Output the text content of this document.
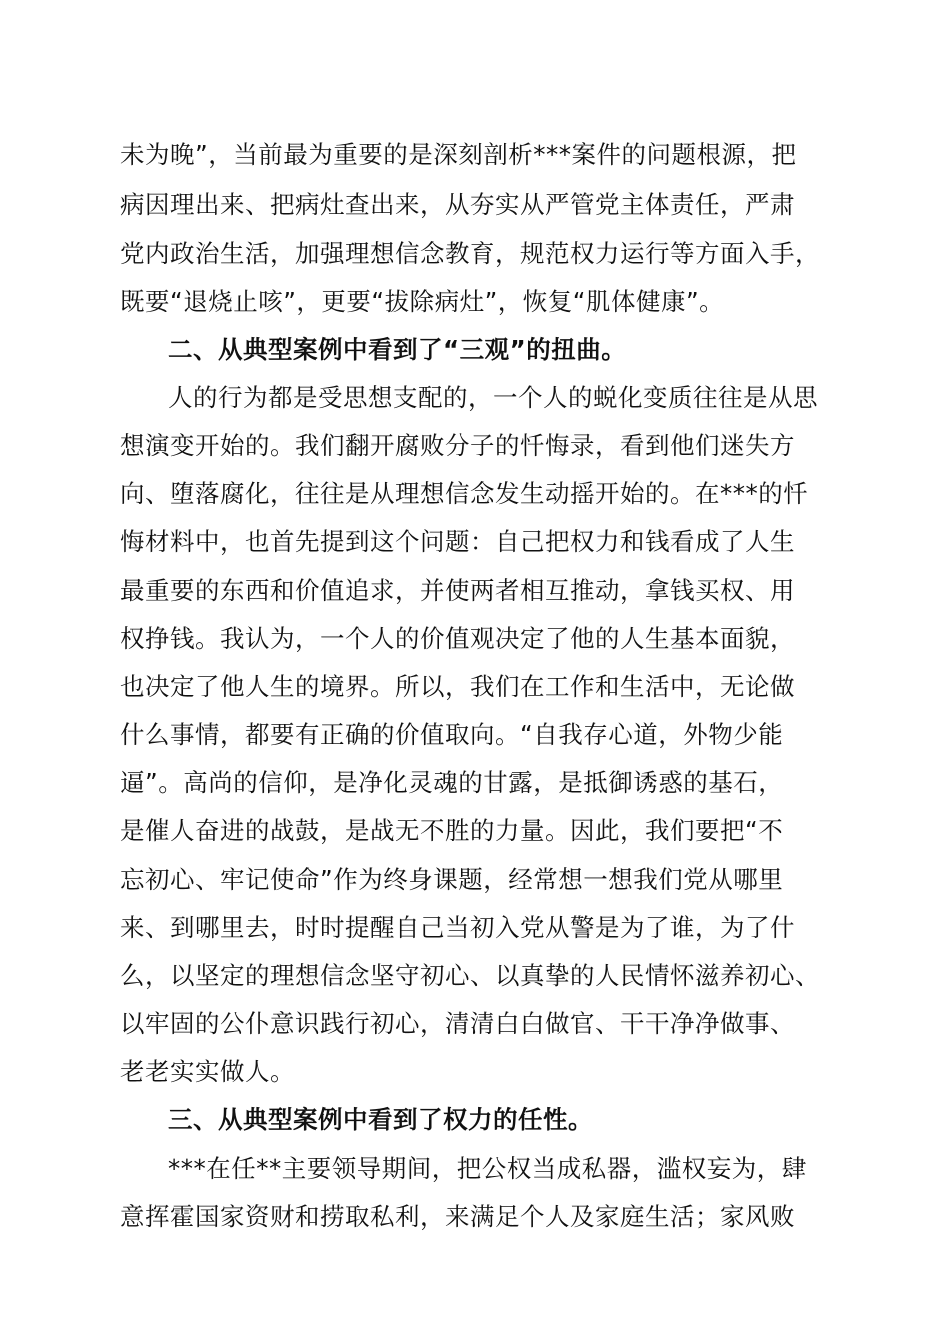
未为晚”，当前最为重要的是深刻剖析***案件的问题根源，把
病因理出来、把病灶查出来，从夯实从严管党主体责任，严肃
党内政治生活，加强理想信念教育，规范权力运行等方面入手，
既要“退烧止咳”，更要“拔除病灶”，恢复“肌体健康”。
二、从典型案例中看到了“三观”的扭曲。
人的行为都是受思想支配的，一个人的蜕化变质往往是从思
想演变开始的。我们翻开腐败分子的忏悔录，看到他们迷失方
向、堕落腐化，往往是从理想信念发生动摇开始的。在***的忏
悔材料中，也首先提到这个问题：自己把权力和钱看成了人生
最重要的东西和价值追求，并使两者相互推动，拿钱买权、用
权挣钱。我认为，一个人的价值观决定了他的人生基本面貌，
也决定了他人生的境界。所以，我们在工作和生活中，无论做
什么事情，都要有正确的价值取向。“自我存心道，外物少能
逼”。高尚的信仰，是净化灵魂的甘露，是抵御诱惑的基石，
是催人奋进的战鼓，是战无不胜的力量。因此，我们要把“不
忘初心、牢记使命”作为终身课题，经常想一想我们党从哪里
来、到哪里去，时时提醒自己当初入党从警是为了谁，为了什
么，以坚定的理想信念坚守初心、以真挚的人民情怀滋养初心、
以牢固的公仆意识践行初心，清清白白做官、干干净净做事、
老老实实做人。
三、从典型案例中看到了权力的任性。
***在任**主要领导期间，把公权当成私器，滥权妄为，肆
意挥霍国家资财和捞取私利，来满足个人及家庭生活；家风败
